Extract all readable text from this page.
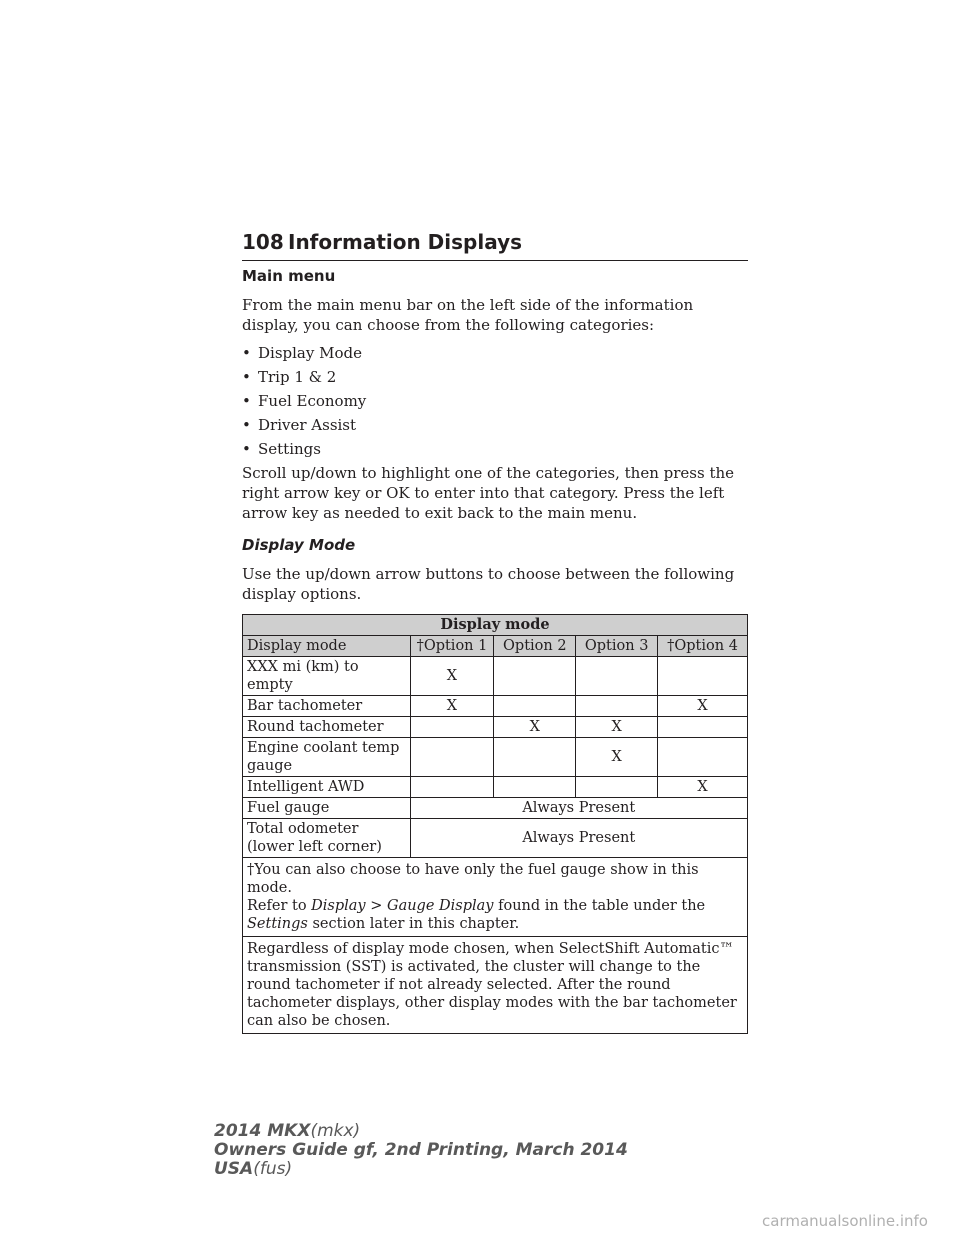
108 Information Displays
Main menu

From the main menu bar on the left side of the information display, you can choose from the following categories:

• Display Mode
• Trip 1 & 2
• Fuel Economy
• Driver Assist
• Settings

Scroll up/down to highlight one of the categories, then press the right arrow key or OK to enter into that category. Press the left arrow key as needed to exit back to the main menu.

Display Mode

Use the up/down arrow buttons to choose between the following display options.

Display mode				
Display mode	†Option 1	Option 2	Option 3	†Option 4
XXX mi (km) to empty	X			
Bar tachometer	X			X
Round tachometer		X	X	
Engine coolant temp gauge			X	
Intelligent AWD				X
Fuel gauge	Always Present			
Total odometer (lower left corner)	Always Present			
†You can also choose to have only the fuel gauge show in this mode.
Refer to Display > Gauge Display found in the table under the
Settings section later in this chapter.				
Regardless of display mode chosen, when SelectShift Automatic™ transmission (SST) is activated, the cluster will change to the round tachometer if not already selected. After the round tachometer displays, other display modes with the bar tachometer can also be chosen.				
2014 MKX(mkx)
Owners Guide gf, 2nd Printing, March 2014
USA(fus)
carmanualsonline.info
